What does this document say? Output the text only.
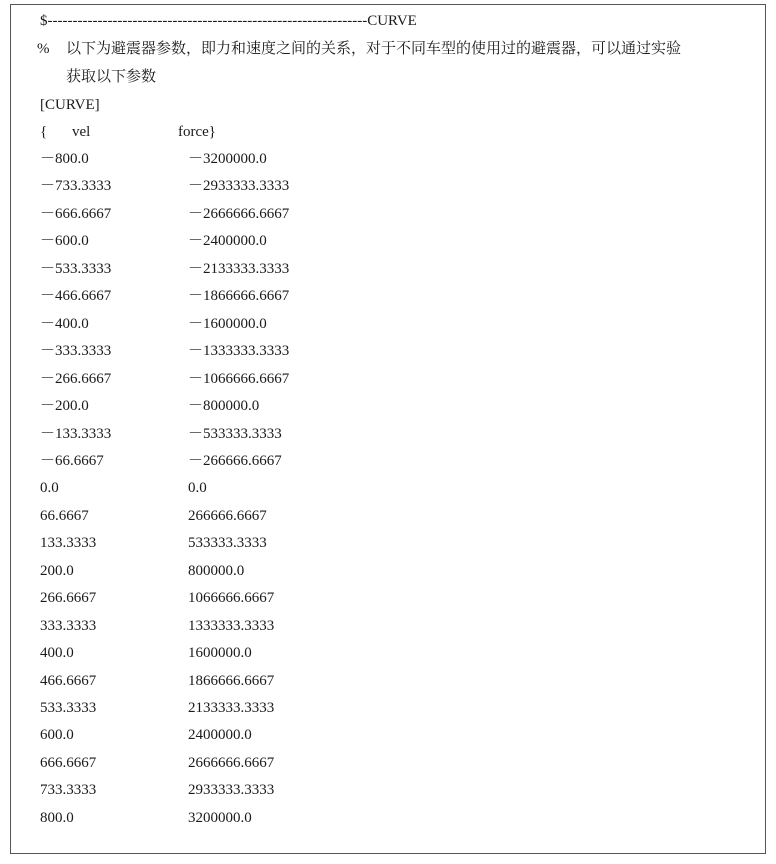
$----------------------------------------------------------------CURVE
% 以下为避震器参数，即力和速度之间的关系，对于不同车型的使用过的避震器，可以通过实验
获取以下参数
[CURVE]
{ vel	force}
－800.0	－3200000.0
－733.3333	－2933333.3333
－666.6667	－2666666.6667
－600.0	－2400000.0
－533.3333	－2133333.3333
－466.6667	－1866666.6667
－400.0	－1600000.0
－333.3333	－1333333.3333
－266.6667	－1066666.6667
－200.0	－800000.0
－133.3333	－533333.3333
－66.6667	－266666.6667
0.0	0.0
66.6667	266666.6667
133.3333	533333.3333
200.0	800000.0
266.6667	1066666.6667
333.3333	1333333.3333
400.0	1600000.0
466.6667	1866666.6667
533.3333	2133333.3333
600.0	2400000.0
666.6667	2666666.6667
733.3333	2933333.3333
800.0	3200000.0
